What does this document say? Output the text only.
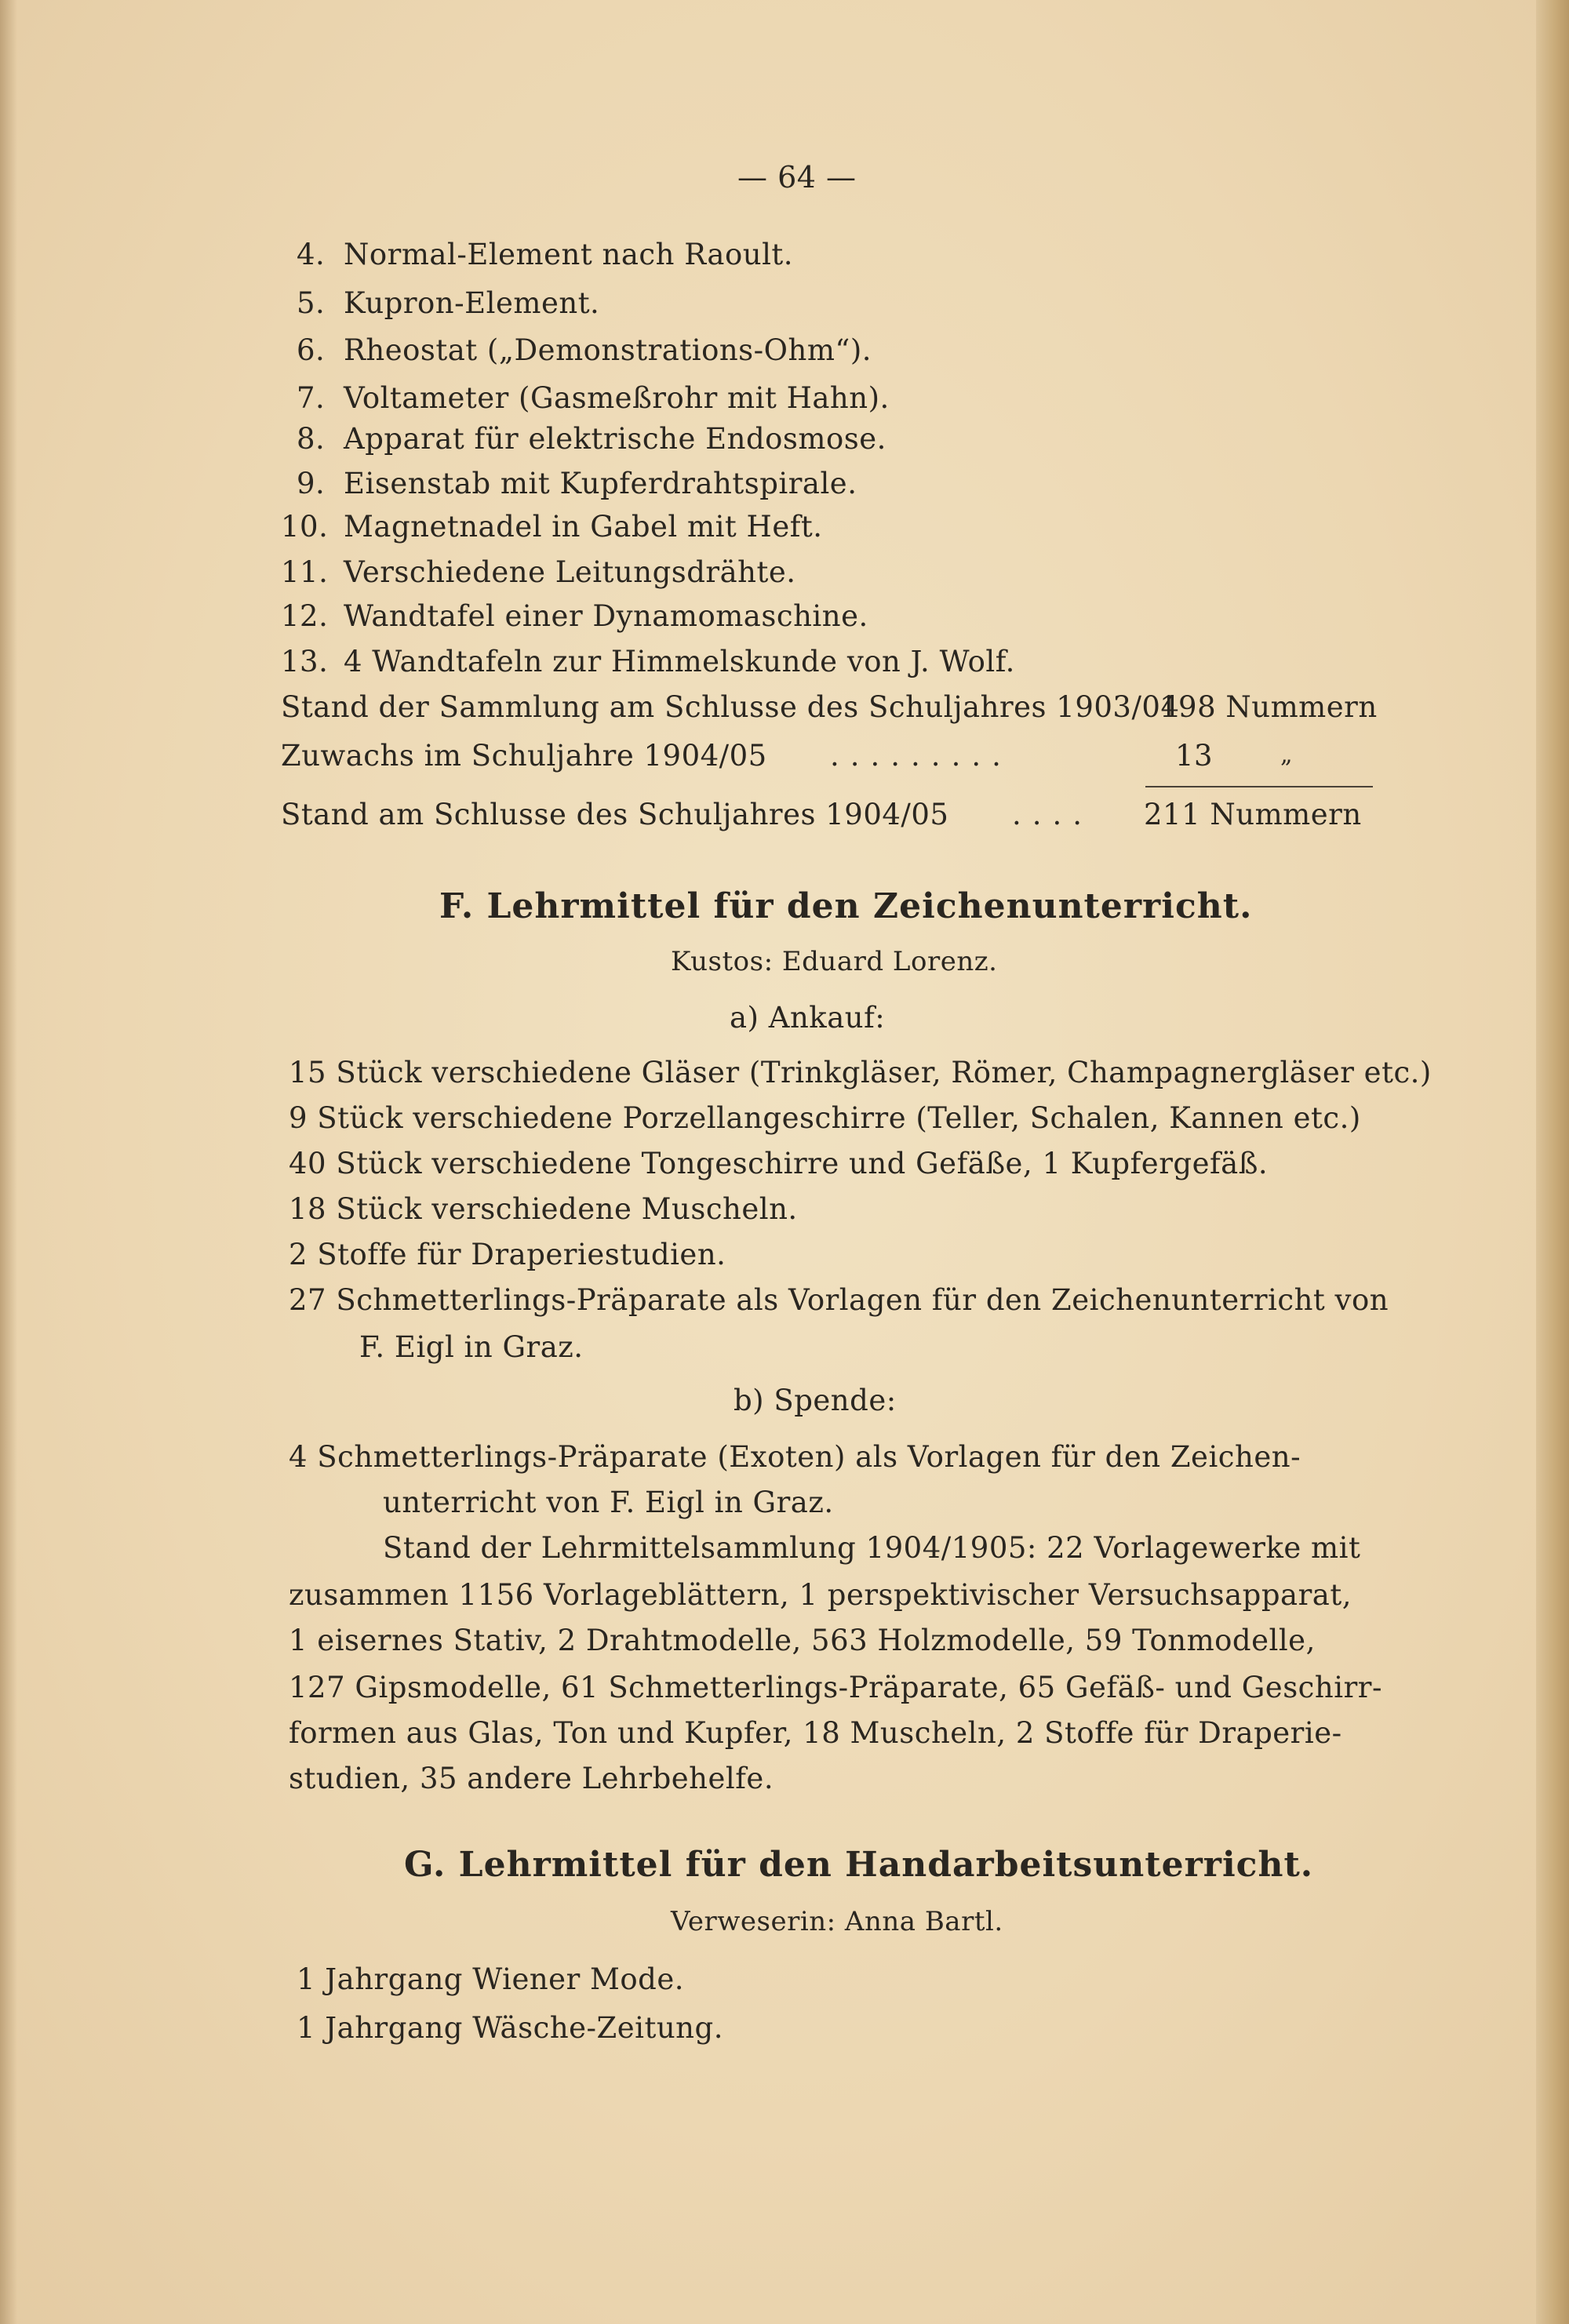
— 64 —
4. Normal-Element nach Raoult.
5. Kupron-Element.
6. Rheostat („Demonstrations-Ohm“).
7. Voltameter (Gasmeßrohr mit Hahn).
8. Apparat für elektrische Endosmose.
9. Eisenstab mit Kupferdrahtspirale.
10. Magnetnadel in Gabel mit Heft.
11. Verschiedene Leitungsdrähte.
12. Wandtafel einer Dynamomaschine.
13. 4 Wandtafeln zur Himmelskunde von J. Wolf.
Stand der Sammlung am Schlusse des Schuljahres 1903/04
198 Nummern
Zuwachs im Schuljahre 1904/05 .........	13	„
Stand am Schlusse des Schuljahres 1904/05 .... 211 Nummern
F. Lehrmittel für den Zeichenunterricht.
Kustos: Eduard Lorenz.
a) Ankauf:
15 Stück verschiedene Gläser (Trinkgläser, Römer, Champagnergläser etc.)
9 Stück verschiedene Porzellangeschirre (Teller, Schalen, Kannen etc.)
40 Stück verschiedene Tongeschirre und Gefäße, 1 Kupfergefäß.
18 Stück verschiedene Muscheln.
2 Stoffe für Draperiestudien.
27 Schmetterlings-Präparate als Vorlagen für den Zeichenunterricht von
F. Eigl in Graz.
b) Spende:
4 Schmetterlings-Präparate (Exoten) als Vorlagen für den Zeichen-
unterricht von F. Eigl in Graz.
Stand der Lehrmittelsammlung 1904/1905: 22 Vorlagewerke mit
zusammen 1156 Vorlageblättern, 1 perspektivischer Versuchsapparat,
1 eisernes Stativ, 2 Drahtmodelle, 563 Holzmodelle, 59 Tonmodelle,
127 Gipsmodelle, 61 Schmetterlings-Präparate, 65 Gefäß- und Geschirr-
formen aus Glas, Ton und Kupfer, 18 Muscheln, 2 Stoffe für Draperie-
studien, 35 andere Lehrbehelfe.
G. Lehrmittel für den Handarbeitsunterricht.
Verweserin: Anna Bartl.
1 Jahrgang Wiener Mode.
1 Jahrgang Wäsche-Zeitung.
